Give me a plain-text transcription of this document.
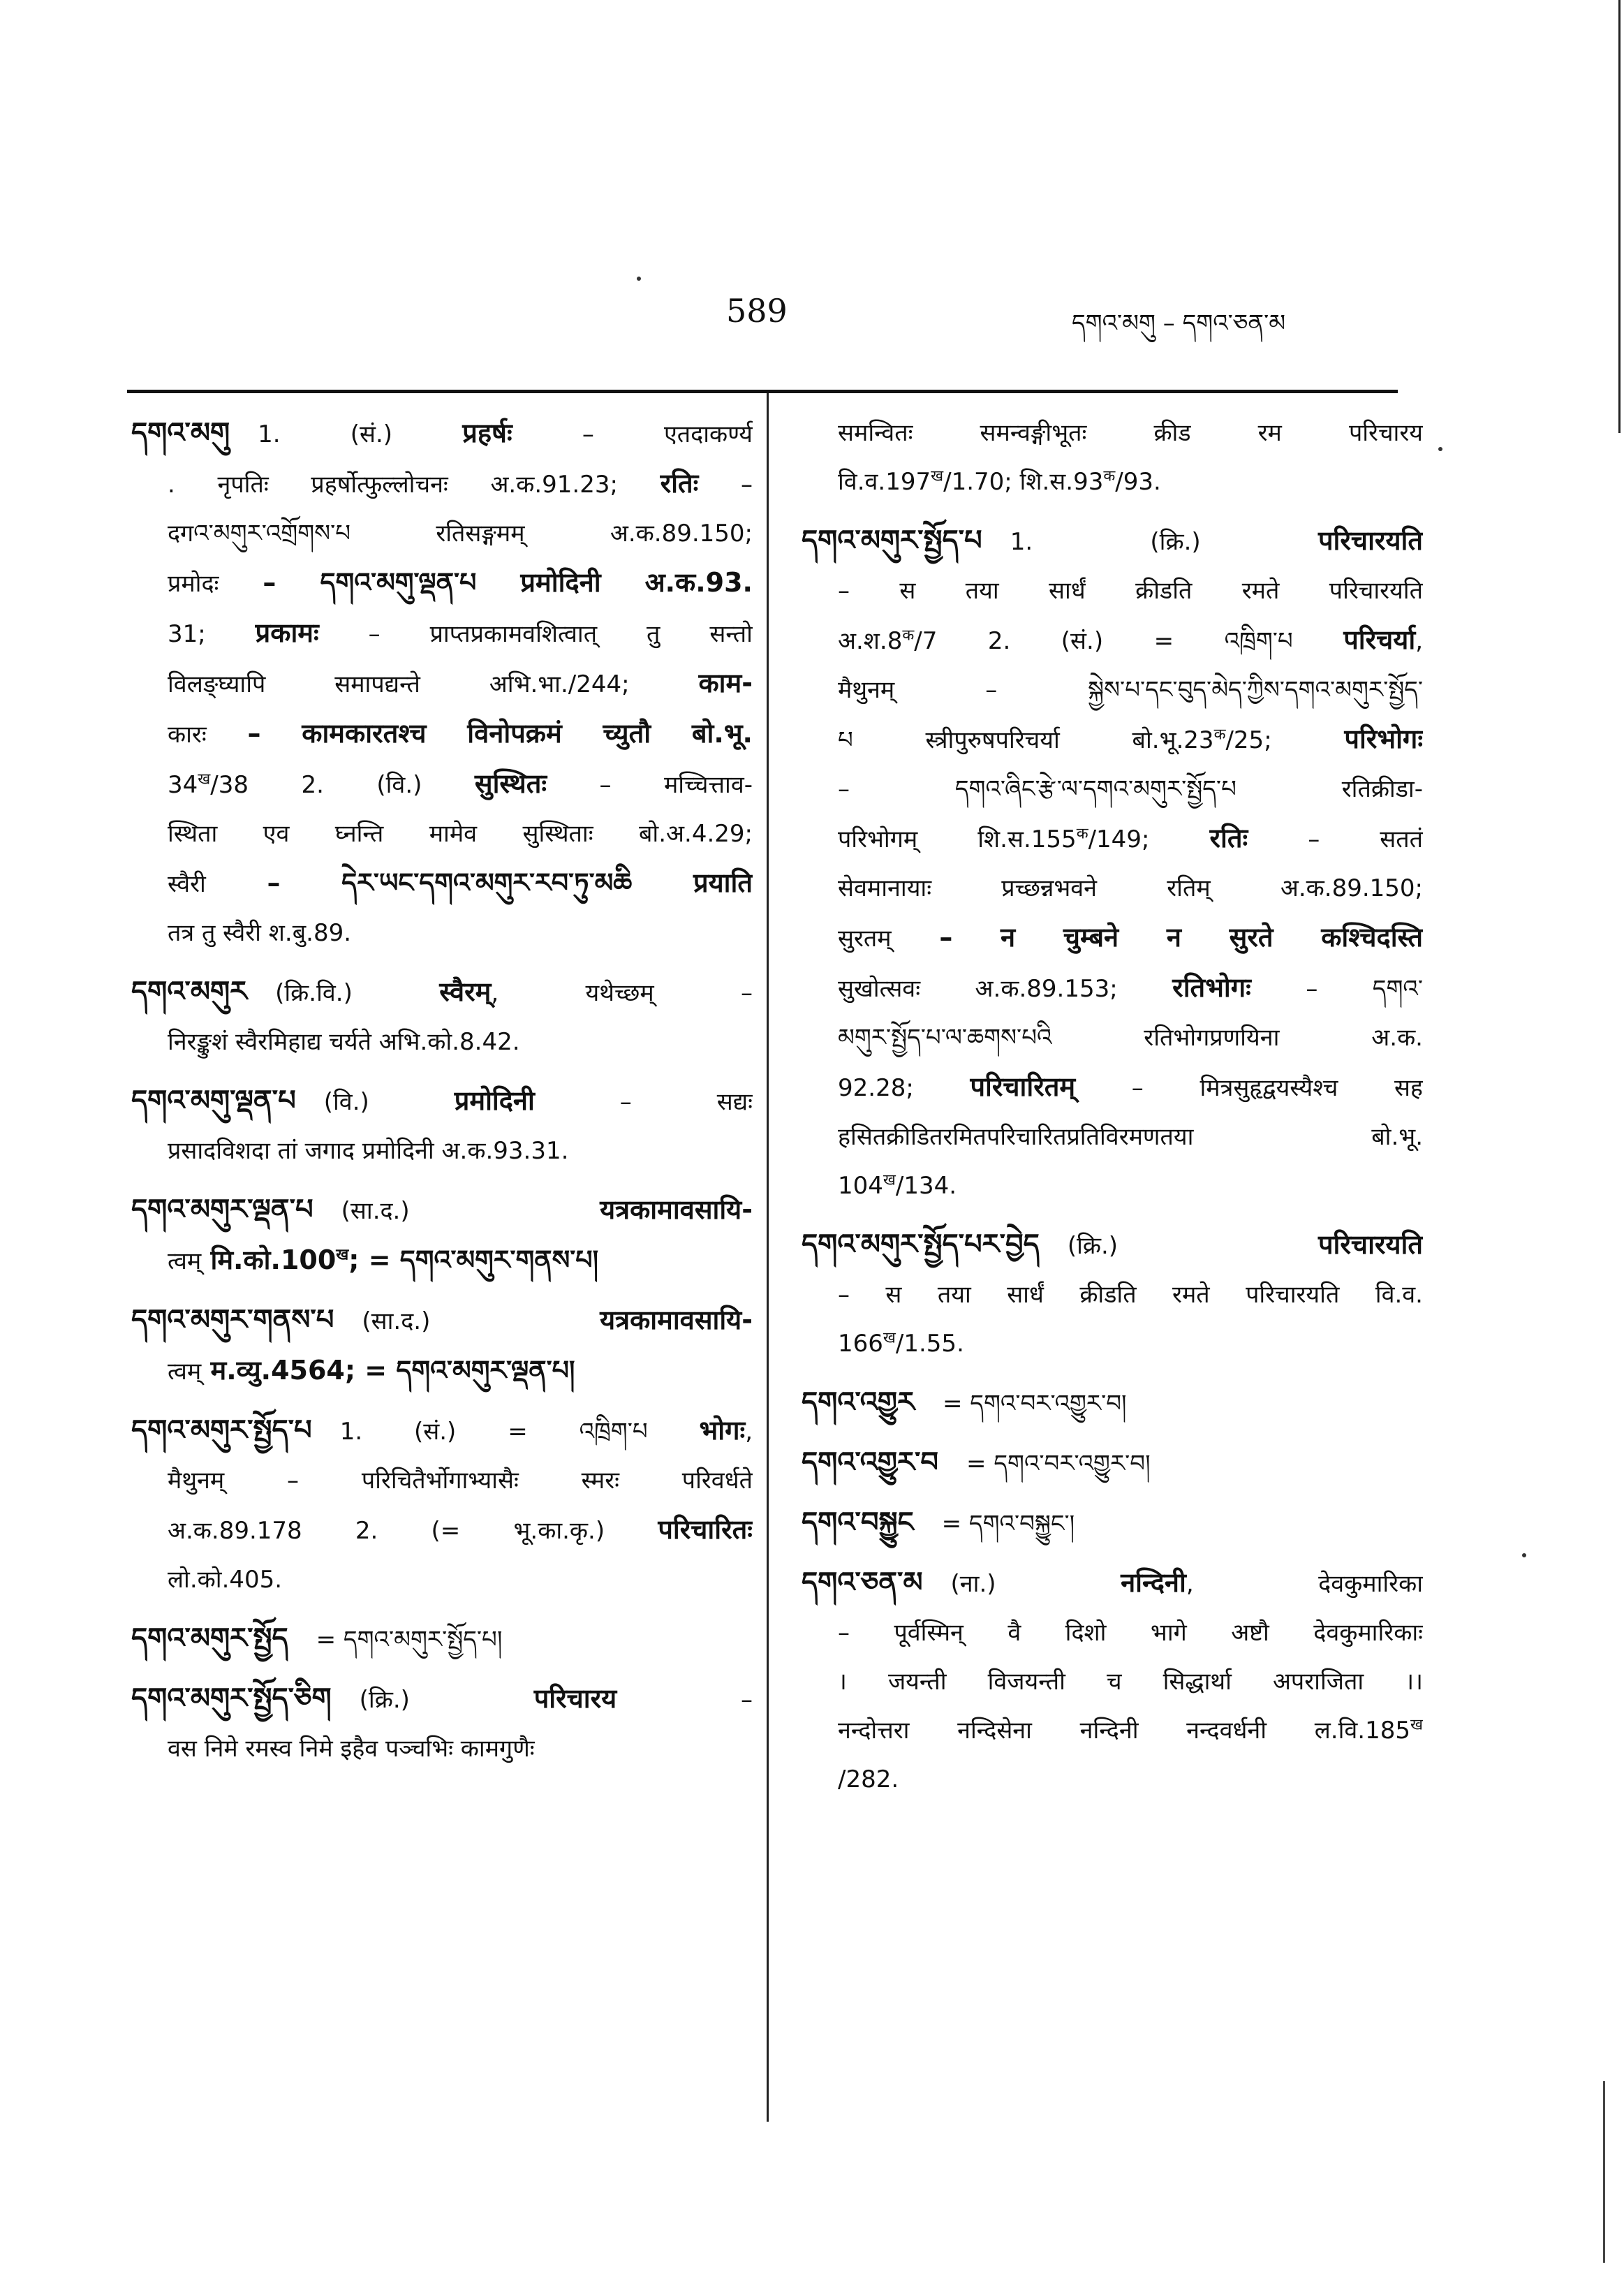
589	དགའ་མགུ – དགའ་ཅན་མ
དགའ་མགུ 1. (सं.) प्रहर्षः – एतदाकर्ण्य
. नृपतिः प्रहर्षोत्फुल्लोचनः अ.क.91.23; रतिः –
दगའ་མགུར་འགྲོགས་པ रतिसङ्गमम् अ.क.89.150;
प्रमोदः – དགའ་མགུ་ལྡན་པ प्रमोदिनी अ.क.93.
31; प्रकामः – प्राप्तप्रकामवशित्वात् तु सन्तो
विलङ्घ्यापि समापद्यन्ते अभि.भा./244; काम-
कारः – कामकारतश्च विनोपक्रमं च्युतौ बो.भू.
$34^ख/38$ 2. (वि.) सुस्थितः – मच्चित्ताव-
स्थिता एव घ्नन्ति मामेव सुस्थिताः बो.अ.4.29;
स्वैरी – དེར་ཡང་དགའ་མགུར་རབ་ཏུ་མཆི प्रयाति
तत्र तु स्वैरी श.बु.89.
དགའ་མགུར (क्रि.वि.) स्वैरम्, यथेच्छम् –
निरङ्कुशं स्वैरमिहाद्य चर्यते अभि.को.8.42.
དགའ་མགུ་ལྡན་པ (वि.) प्रमोदिनी – सद्यः
प्रसादविशदा तां जगाद प्रमोदिनी अ.क.93.31.
དགའ་མགུར་ལྡན་པ (सा.द.) यत्रकामावसायि-
त्वम् $मि.को.100^ख$; = དགའ་མགུར་གནས་པ།
དགའ་མགུར་གནས་པ (सा.द.) यत्रकामावसायि-
त्वम् म.व्यु.4564; = དགའ་མགུར་ལྡན་པ།
དགའ་མགུར་སྤྱོད་པ 1. (सं.) = འཁྲིག་པ भोगः,
मैथुनम् – परिचितैर्भोगाभ्यासैः स्मरः परिवर्धते
अ.क.89.178 2. (= भू.का.कृ.) परिचारितः
लो.को.405.
དགའ་མགུར་སྤྱོད = དགའ་མགུར་སྤྱོད་པ།
དགའ་མགུར་སྤྱོད་ཅིག (क्रि.) परिचारय –
वस निमे रमस्व निमे इहैव पञ्चभिः कामगुणैः
समन्वितः समन्वङ्गीभूतः क्रीड रम परिचारय
$वि.व.197^ख/1.70$; $शि.स.93^क/93$.
དགའ་མགུར་སྤྱོད་པ 1. (क्रि.) परिचारयति
– स तया सार्धं क्रीडति रमते परिचारयति
$अ.श.8^क/7$ 2. (सं.) = འཁྲིག་པ परिचर्या,
मैथुनम् – སྐྱེས་པ་དང་བུད་མེད་ཀྱིས་དགའ་མགུར་སྤྱོད་
པ स्त्रीपुरुषपरिचर्या $बो.भू.23^क/25$; परिभोगः
– དགའ་ཞིང་རྩེ་ལ་དགའ་མགུར་སྤྱོད་པ रतिक्रीडा-
परिभोगम् $शि.स.155^क/149$; रतिः – सततं
सेवमानायाः प्रच्छन्नभवने रतिम् अ.क.89.150;
सुरतम् – न चुम्बने न सुरते कश्चिदस्ति
सुखोत्सवः अ.क.89.153; रतिभोगः – དགའ་
མགུར་སྤྱོད་པ་ལ་ཆགས་པའི रतिभोगप्रणयिना अ.क.
92.28; परिचारितम् – मित्रसुहृद्वयस्यैश्च सह
हसितक्रीडितरमितपरिचारितप्रतिविरमणतया बो.भू.
$104^ख/134$.
དགའ་མགུར་སྤྱོད་པར་བྱེད (क्रि.) परिचारयति
– स तया सार्धं क्रीडति रमते परिचारयति वि.व.
$166^ख/1.55$.
དགའ་འགྱུར = དགའ་བར་འགྱུར་བ།
དགའ་འགྱུར་བ = དགའ་བར་འགྱུར་བ།
དགའ་བསྐྱུང = དགའ་བསྐྱུང་།
དགའ་ཅན་མ (ना.) नन्दिनी, देवकुमारिका
– पूर्वस्मिन् वै दिशो भागे अष्टौ देवकुमारिकाः
। जयन्ती विजयन्ती च सिद्धार्था अपराजिता ।।
नन्दोत्तरा नन्दिसेना नन्दिनी नन्दवर्धनी $ल.वि.185^ख$
/282.
